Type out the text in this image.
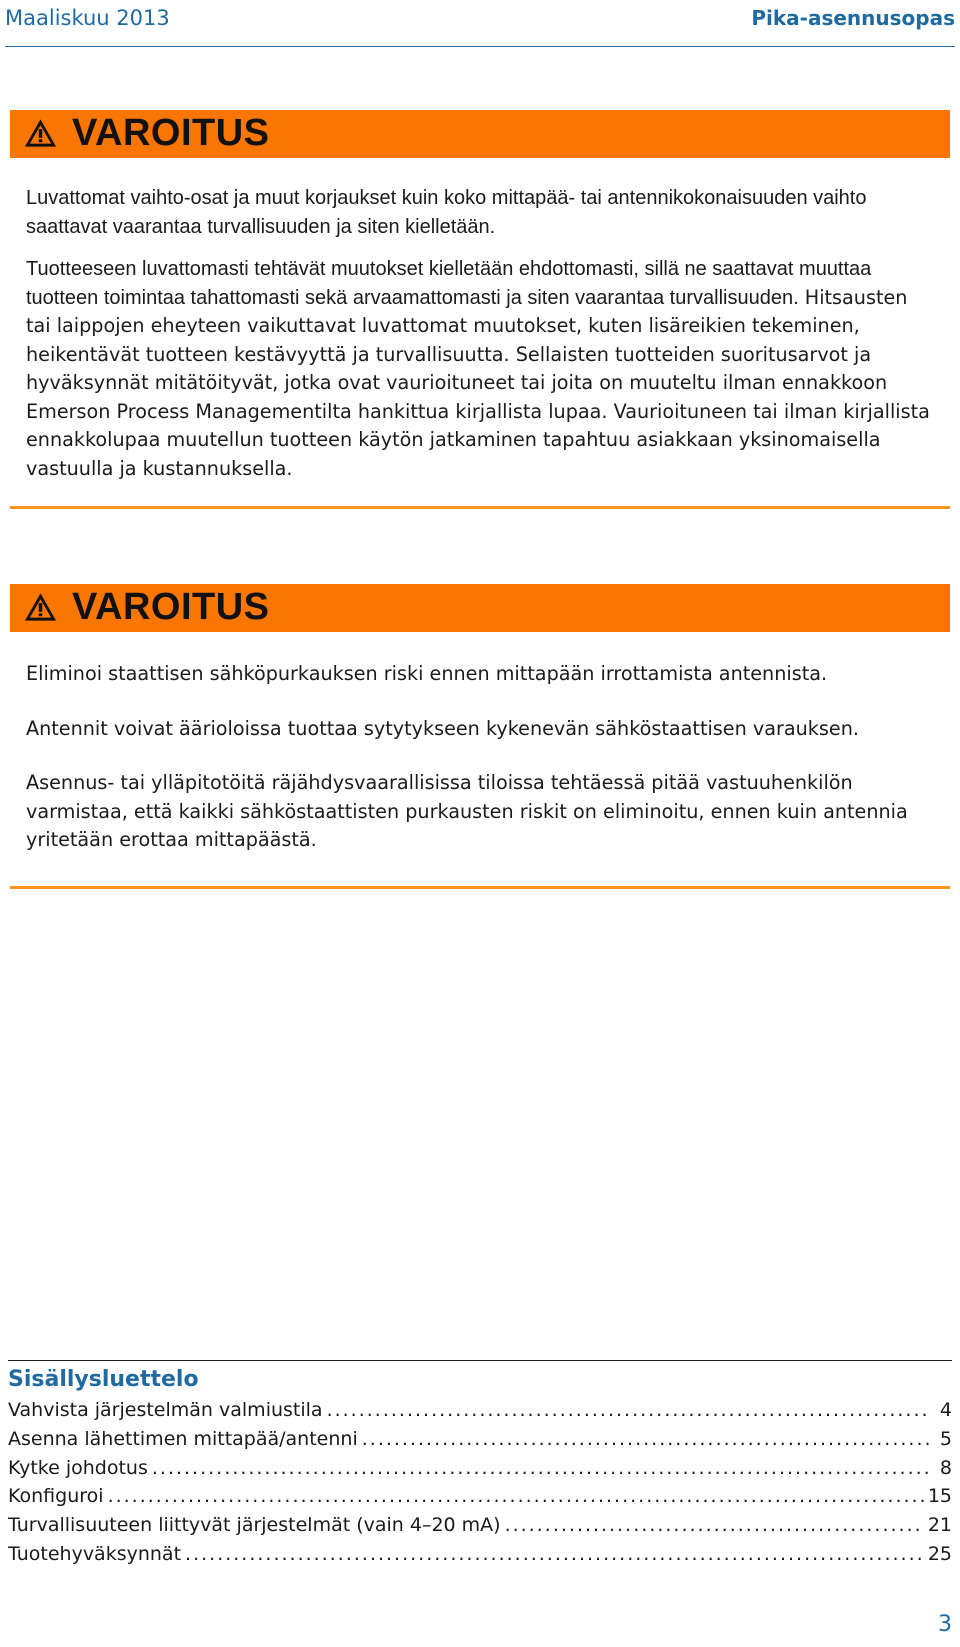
Maaliskuu 2013	Pika-asennusopas
VAROITUS

Luvattomat vaihto-osat ja muut korjaukset kuin koko mittapää- tai antennikokonaisuuden vaihto saattavat vaarantaa turvallisuuden ja siten kielletään.

Tuotteeseen luvattomasti tehtävät muutokset kielletään ehdottomasti, sillä ne saattavat muuttaa tuotteen toimintaa tahattomasti sekä arvaamattomasti ja siten vaarantaa turvallisuuden. Hitsausten tai laippojen eheyteen vaikuttavat luvattomat muutokset, kuten lisäreikien tekeminen, heikentävät tuotteen kestävyyttä ja turvallisuutta. Sellaisten tuotteiden suoritusarvot ja hyväksynnät mitätöityvät, jotka ovat vaurioituneet tai joita on muuteltu ilman ennakkoon Emerson Process Managementilta hankittua kirjallista lupaa. Vaurioituneen tai ilman kirjallista ennakkolupaa muutellun tuotteen käytön jatkaminen tapahtuu asiakkaan yksinomaisella vastuulla ja kustannuksella.

VAROITUS

Eliminoi staattisen sähköpurkauksen riski ennen mittapään irrottamista antennista.

Antennit voivat äärioloissa tuottaa sytytykseen kykenevän sähköstaattisen varauksen.

Asennus- tai ylläpitotöitä räjähdysvaarallisissa tiloissa tehtäessä pitää vastuuhenkilön varmistaa, että kaikki sähköstaattisten purkausten riskit on eliminoitu, ennen kuin antennia yritetään erottaa mittapäästä.

Sisällysluettelo
Vahvista järjestelmän valmiustila .....	4
Asenna lähettimen mittapää/antenni .....	5
Kytke johdotus .....	8
Konfiguroi .....	15
Turvallisuuteen liittyvät järjestelmät (vain 4–20 mA) .....	21
Tuotehyväksynnät .....	25
3
